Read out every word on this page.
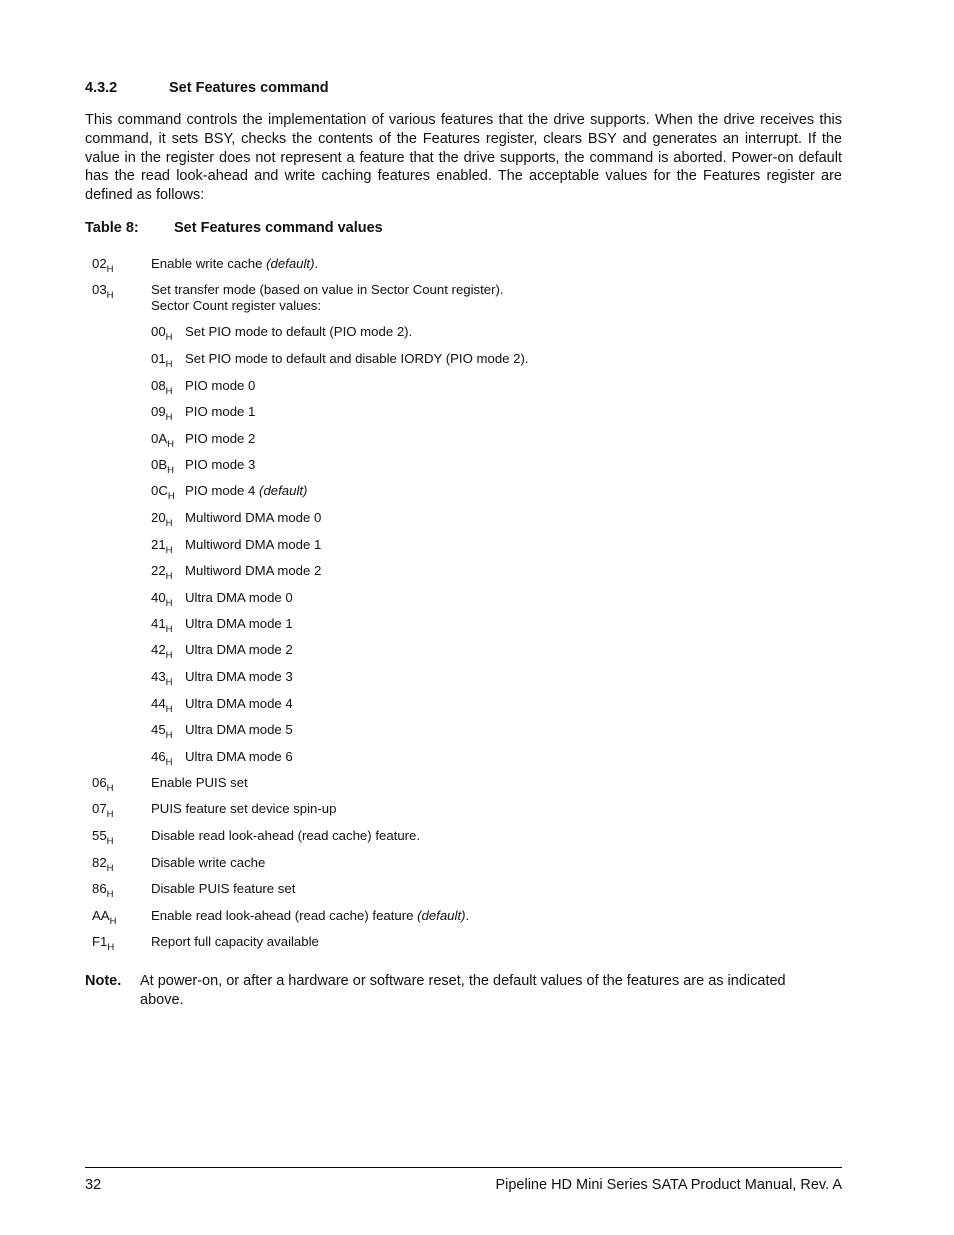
4.3.2	Set Features command
This command controls the implementation of various features that the drive supports. When the drive receives this command, it sets BSY, checks the contents of the Features register, clears BSY and generates an interrupt. If the value in the register does not represent a feature that the drive supports, the command is aborted. Power-on default has the read look-ahead and write caching features enabled. The acceptable values for the Features register are defined as follows:
Table 8: Set Features command values
$02_H$	Enable write cache (default).
$03_H$	Set transfer mode (based on value in Sector Count register).
Sector Count register values:
$00_H$ Set PIO mode to default (PIO mode 2).
$01_H$ Set PIO mode to default and disable IORDY (PIO mode 2).
$08_H$ PIO mode 0
$09_H$ PIO mode 1
$0A_H$ PIO mode 2
$0B_H$ PIO mode 3
$0C_H$ PIO mode 4 (default)
$20_H$ Multiword DMA mode 0
$21_H$ Multiword DMA mode 1
$22_H$ Multiword DMA mode 2
$40_H$ Ultra DMA mode 0
$41_H$ Ultra DMA mode 1
$42_H$ Ultra DMA mode 2
$43_H$ Ultra DMA mode 3
$44_H$ Ultra DMA mode 4
$45_H$ Ultra DMA mode 5
$46_H$ Ultra DMA mode 6
$06_H$	Enable PUIS set
$07_H$	PUIS feature set device spin-up
$55_H$	Disable read look-ahead (read cache) feature.
$82_H$	Disable write cache
$86_H$	Disable PUIS feature set
$AA_H$	Enable read look-ahead (read cache) feature (default).
$F1_H$	Report full capacity available
Note. At power-on, or after a hardware or software reset, the default values of the features are as indicated above.
32	Pipeline HD Mini Series SATA Product Manual, Rev. A
